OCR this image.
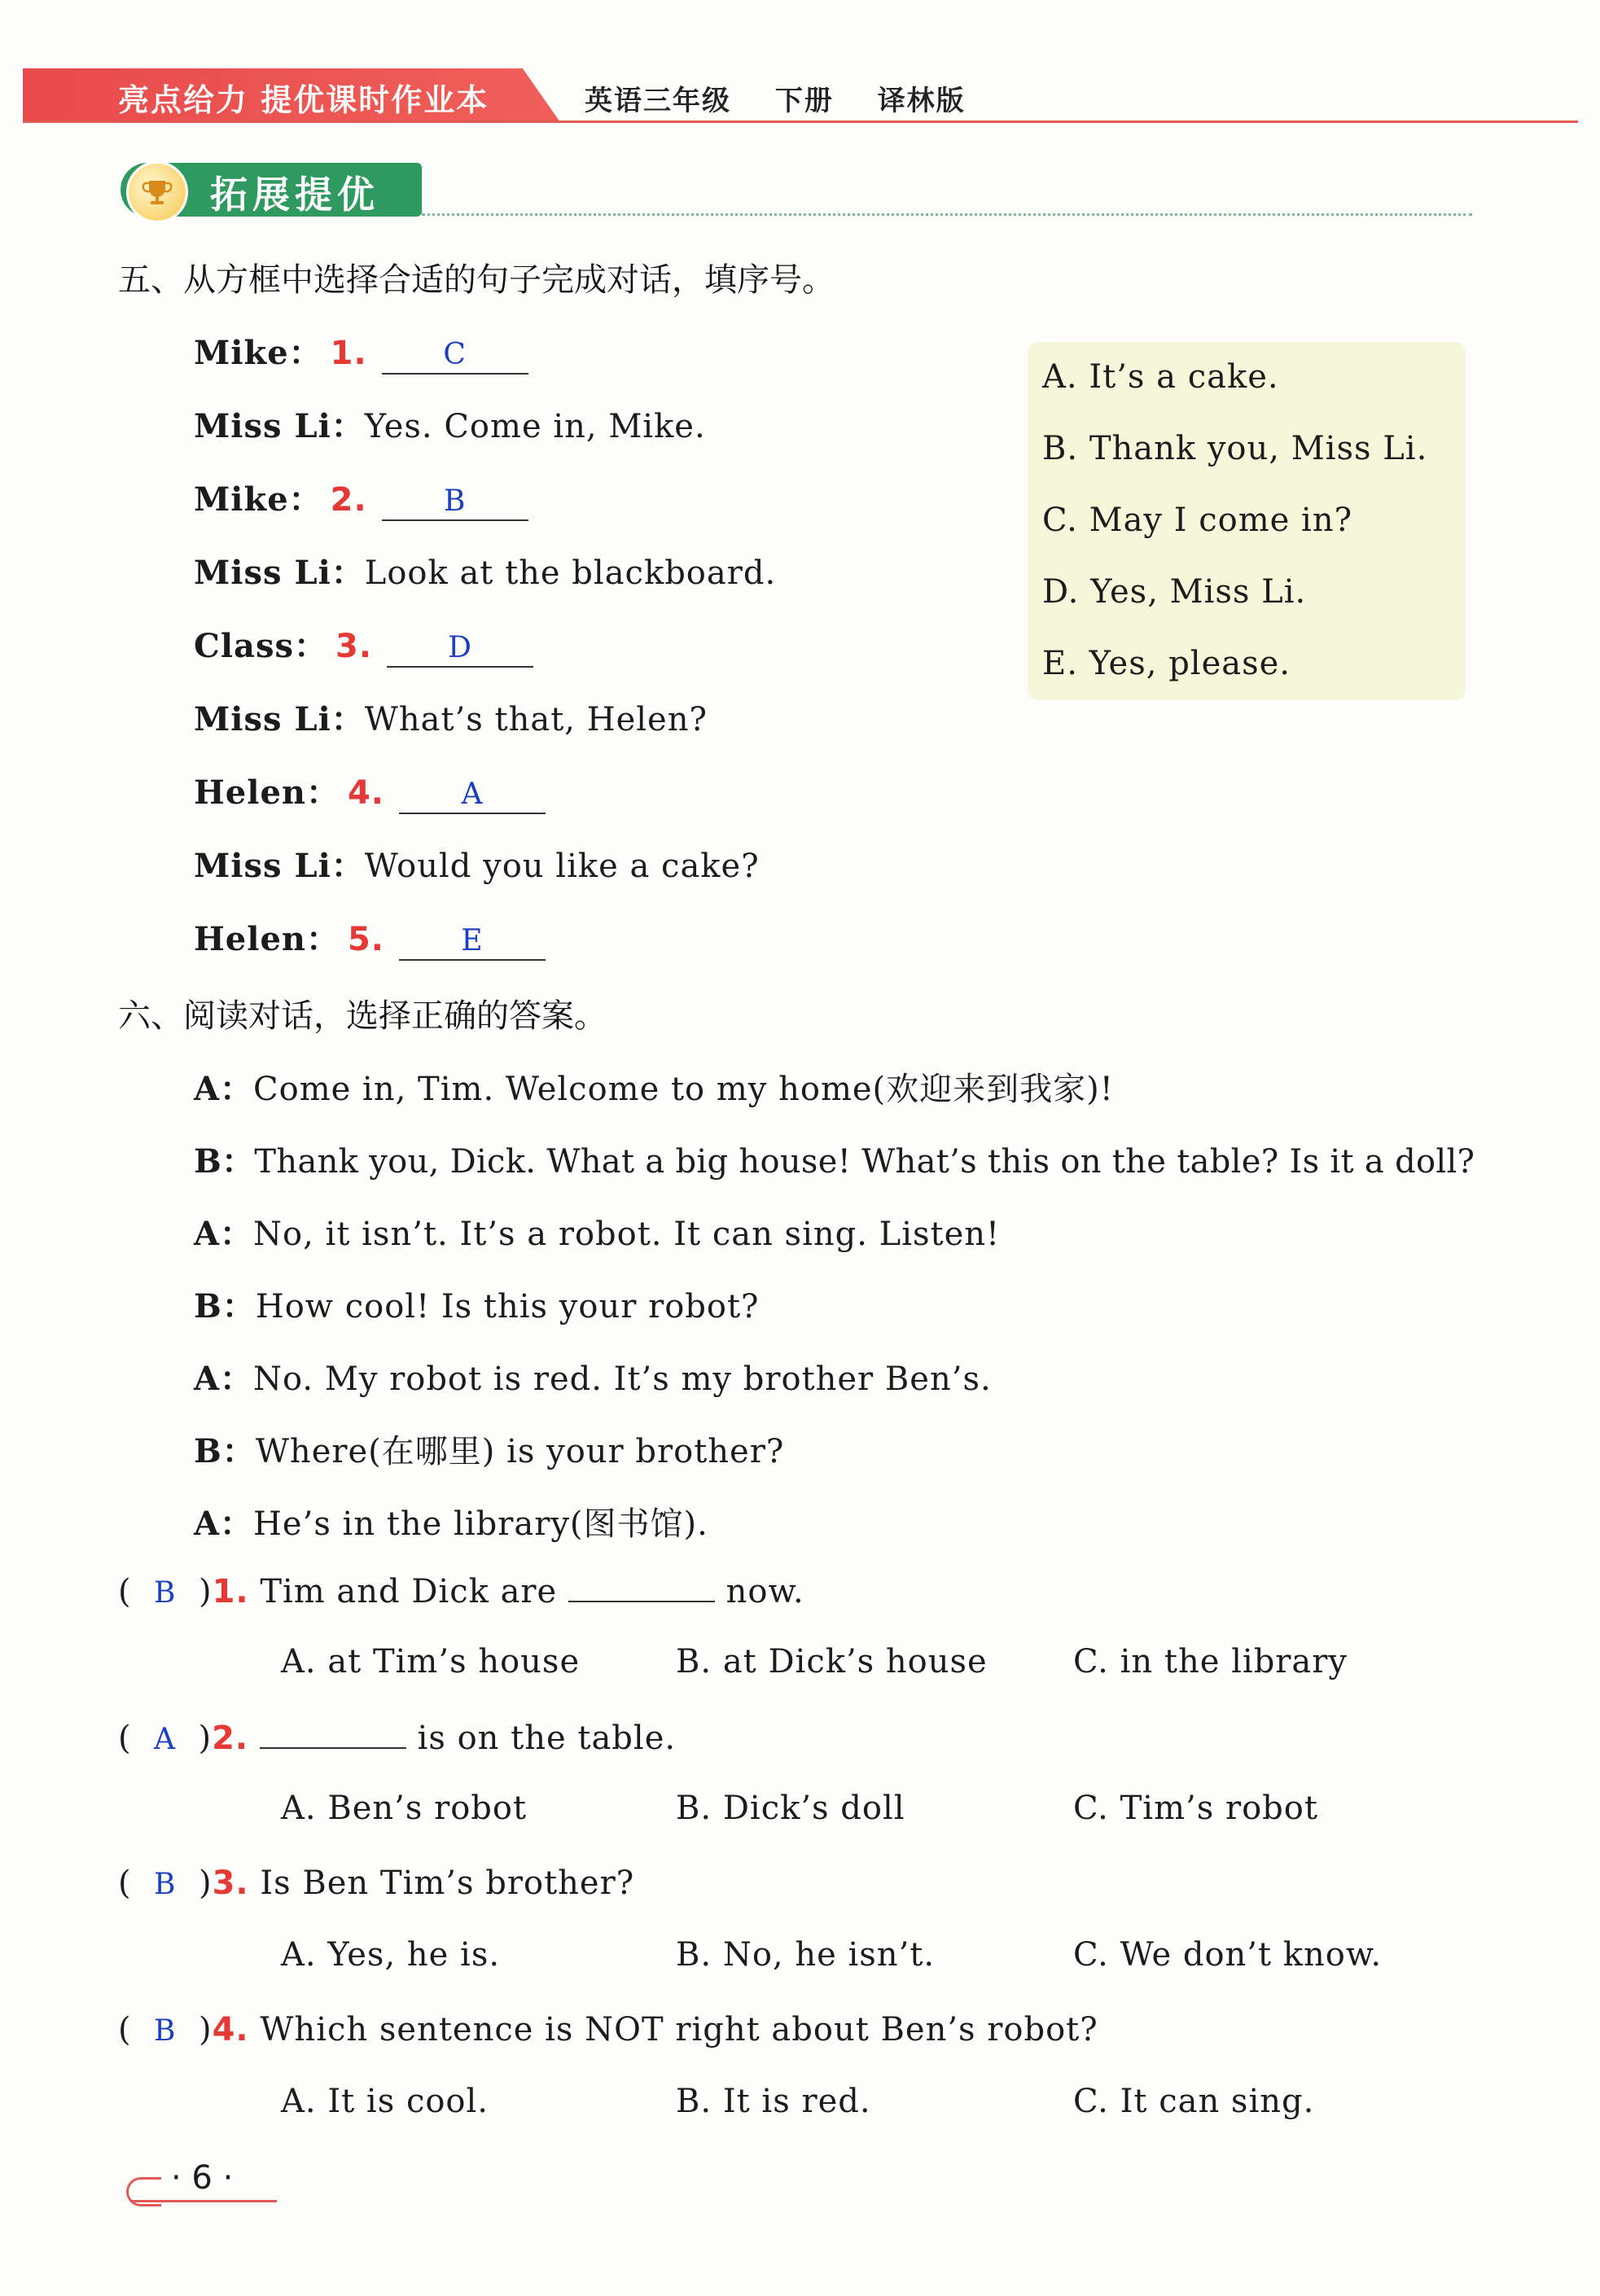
亮点给力 提优课时作业本	英语三年级 下册 译林版
拓展提优
五、从方框中选择合适的句子完成对话，填序号。
Mike： 1.	C
Miss Li：Yes. Come in, Mike.
Mike： 2.	B
Miss Li：Look at the blackboard.
Class： 3.	D
Miss Li：What’s that, Helen?
Helen： 4.	A
Miss Li：Would you like a cake?
Helen： 5.	E
A. It’s a cake.
B. Thank you, Miss Li.
C. May I come in?
D. Yes, Miss Li.
E. Yes, please.
六、阅读对话，选择正确的答案。
A：Come in, Tim. Welcome to my home(欢迎来到我家)!
B：Thank you, Dick. What a big house! What’s this on the table? Is it a doll?
A：No, it isn’t. It’s a robot. It can sing. Listen!
B：How cool! Is this your robot?
A：No. My robot is red. It’s my brother Ben’s.
B：Where(在哪里) is your brother?
A：He’s in the library(图书馆).
( B )1. Tim and Dick are	now.
A. at Tim’s house	B. at Dick’s house	C. in the library
( A )2.	is on the table.
A. Ben’s robot	B. Dick’s doll	C. Tim’s robot
( B )3. Is Ben Tim’s brother?
A. Yes, he is.	B. No, he isn’t.	C. We don’t know.
( B )4. Which sentence is NOT right about Ben’s robot?
A. It is cool.	B. It is red.	C. It can sing.
· 6 ·
